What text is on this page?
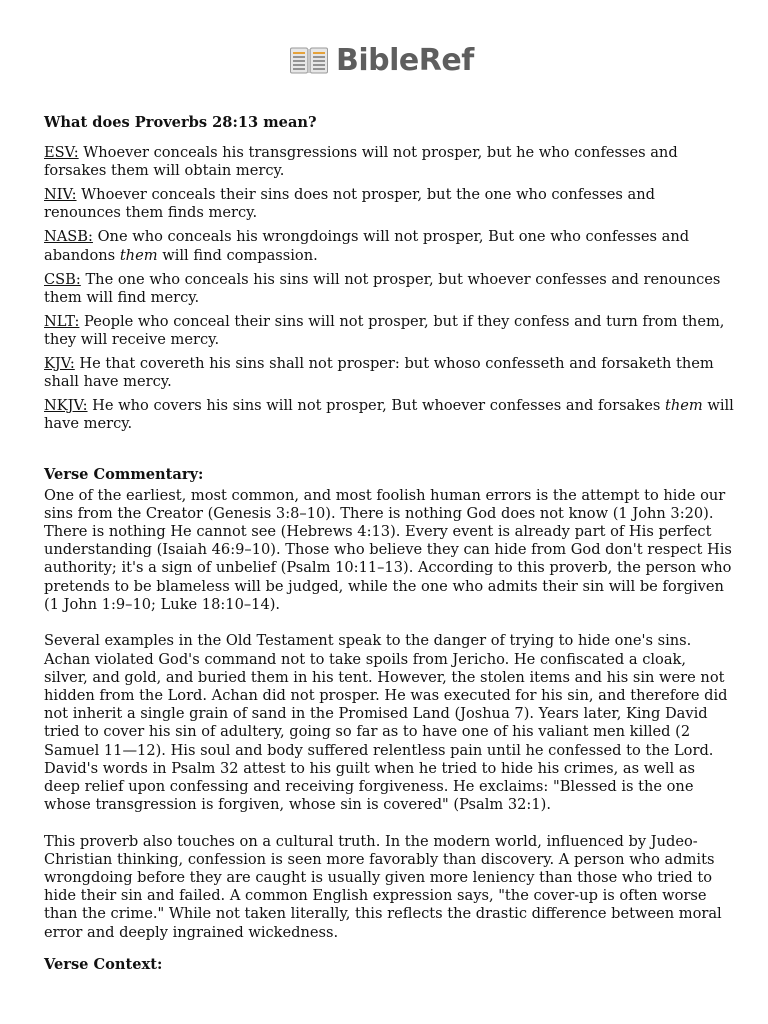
BibleRef
What does Proverbs 28:13 mean?

ESV: Whoever conceals his transgressions will not prosper, but he who confesses and forsakes them will obtain mercy.

NIV: Whoever conceals their sins does not prosper, but the one who confesses and renounces them finds mercy.

NASB: One who conceals his wrongdoings will not prosper, But one who confesses and abandons them will find compassion.

CSB: The one who conceals his sins will not prosper, but whoever confesses and renounces them will find mercy.

NLT: People who conceal their sins will not prosper, but if they confess and turn from them, they will receive mercy.

KJV: He that covereth his sins shall not prosper: but whoso confesseth and forsaketh them shall have mercy.

NKJV: He who covers his sins will not prosper, But whoever confesses and forsakes them will have mercy.

Verse Commentary:

One of the earliest, most common, and most foolish human errors is the attempt to hide our sins from the Creator (Genesis 3:8–10). There is nothing God does not know (1 John 3:20). There is nothing He cannot see (Hebrews 4:13). Every event is already part of His perfect understanding (Isaiah 46:9–10). Those who believe they can hide from God don't respect His authority; it's a sign of unbelief (Psalm 10:11–13). According to this proverb, the person who pretends to be blameless will be judged, while the one who admits their sin will be forgiven (1 John 1:9–10; Luke 18:10–14).

Several examples in the Old Testament speak to the danger of trying to hide one's sins. Achan violated God's command not to take spoils from Jericho. He confiscated a cloak, silver, and gold, and buried them in his tent. However, the stolen items and his sin were not hidden from the Lord. Achan did not prosper. He was executed for his sin, and therefore did not inherit a single grain of sand in the Promised Land (Joshua 7). Years later, King David tried to cover his sin of adultery, going so far as to have one of his valiant men killed (2 Samuel 11—12). His soul and body suffered relentless pain until he confessed to the Lord. David's words in Psalm 32 attest to his guilt when he tried to hide his crimes, as well as deep relief upon confessing and receiving forgiveness. He exclaims: "Blessed is the one whose transgression is forgiven, whose sin is covered" (Psalm 32:1).

This proverb also touches on a cultural truth. In the modern world, influenced by Judeo-Christian thinking, confession is seen more favorably than discovery. A person who admits wrongdoing before they are caught is usually given more leniency than those who tried to hide their sin and failed. A common English expression says, "the cover-up is often worse than the crime." While not taken literally, this reflects the drastic difference between moral error and deeply ingrained wickedness.

Verse Context:
